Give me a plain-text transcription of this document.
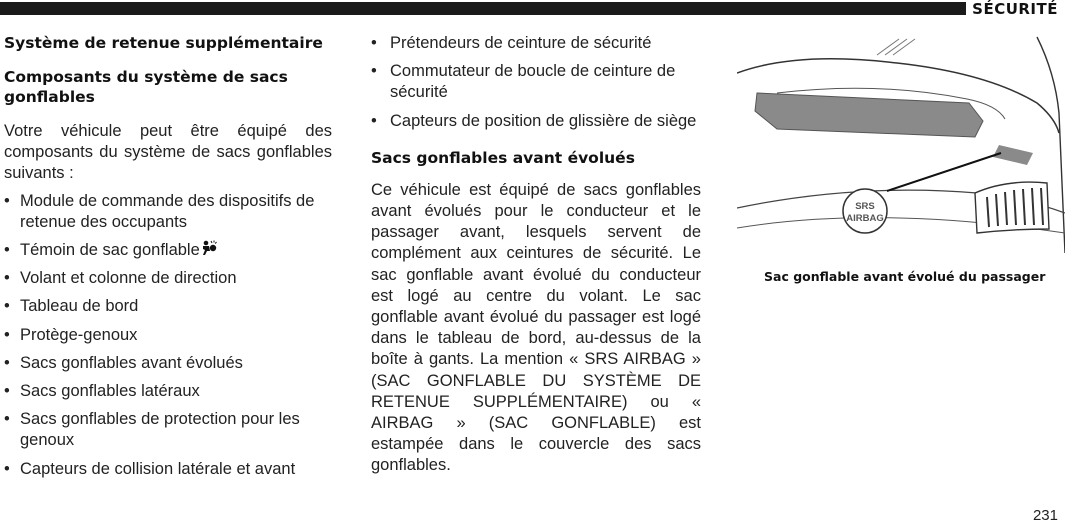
SÉCURITÉ
Système de retenue supplémentaire
Composants du système de sacs gonflables

Votre véhicule peut être équipé des composants du système de sacs gonflables suivants :

• Module de commande des dispositifs de retenue des occupants
• Témoin de sac gonflable
• Volant et colonne de direction
• Tableau de bord
• Protège-genoux
• Sacs gonflables avant évolués
• Sacs gonflables latéraux
• Sacs gonflables de protection pour les genoux
• Capteurs de collision latérale et avant
• Prétendeurs de ceinture de sécurité
• Commutateur de boucle de ceinture de sécurité
• Capteurs de position de glissière de siège
Sacs gonflables avant évolués

Ce véhicule est équipé de sacs gonflables avant évolués pour le conducteur et le passager avant, lesquels servent de complément aux ceintures de sécurité. Le sac gonflable avant évolué du conducteur est logé au centre du volant. Le sac gonflable avant évolué du passager est logé dans le tableau de bord, au-dessus de la boîte à gants. La mention « SRS AIRBAG » (SAC GONFLABLE DU SYSTÈME DE RETENUE SUPPLÉMENTAIRE) ou « AIRBAG » (SAC GONFLABLE) est estampée dans le couvercle des sacs gonflables.

SRS
AIRBAG
Sac gonflable avant évolué du passager
231
